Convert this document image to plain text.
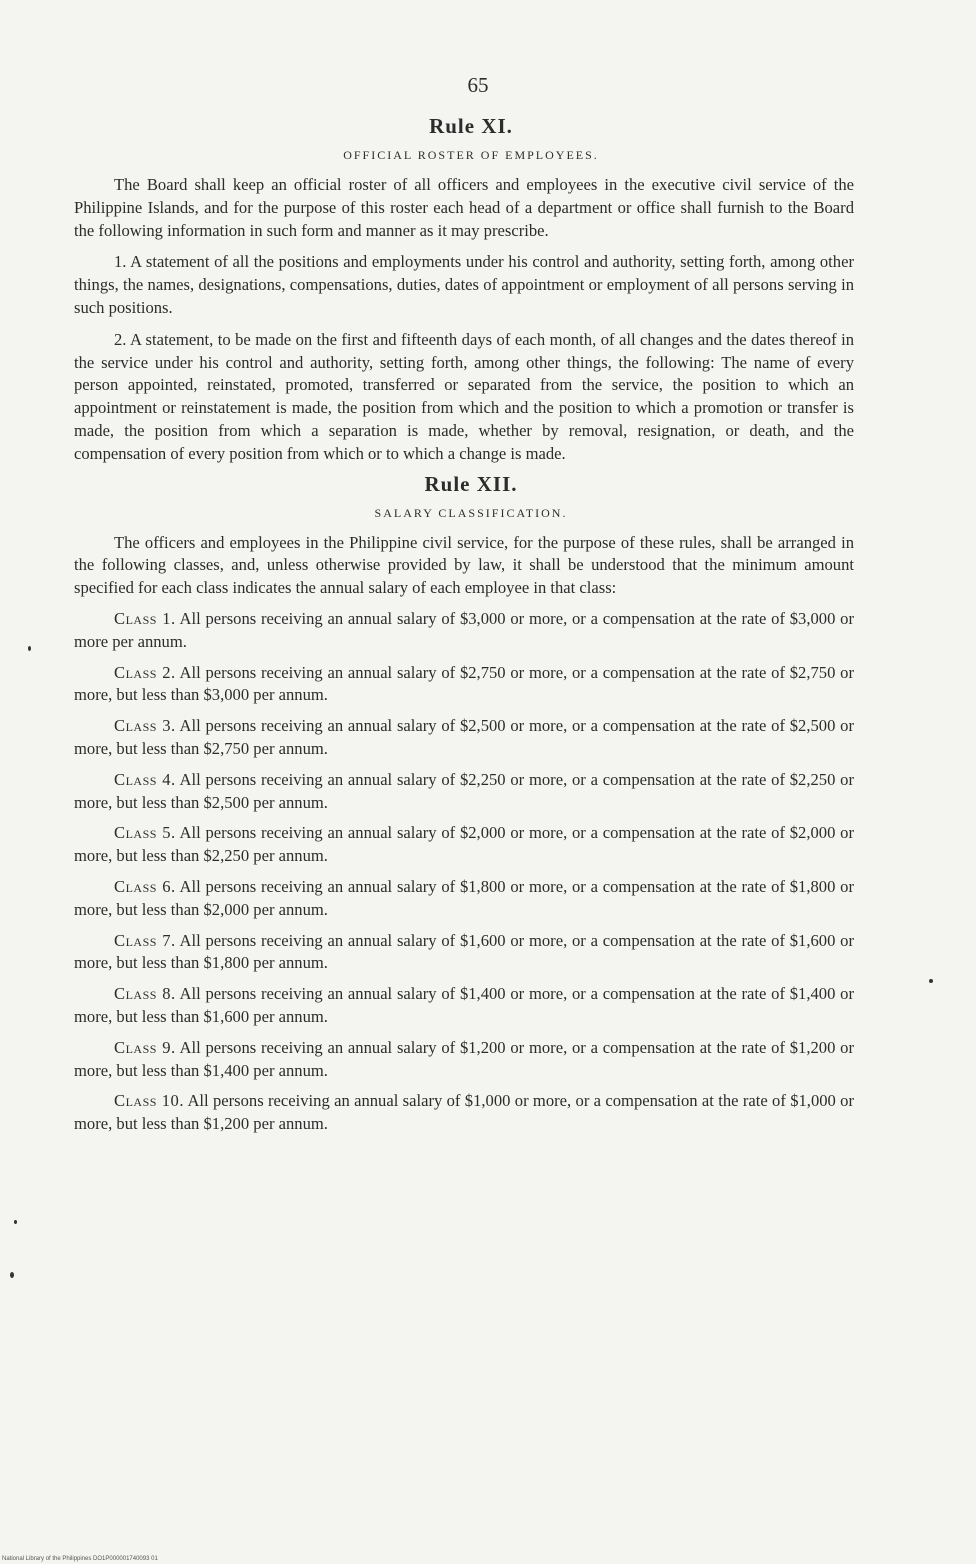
65
Rule XI.
OFFICIAL ROSTER OF EMPLOYEES.

The Board shall keep an official roster of all officers and employees in the executive civil service of the Philippine Islands, and for the purpose of this roster each head of a department or office shall furnish to the Board the following information in such form and manner as it may prescribe.

1. A statement of all the positions and employments under his control and authority, setting forth, among other things, the names, designations, compensations, duties, dates of appointment or employment of all persons serving in such positions.

2. A statement, to be made on the first and fifteenth days of each month, of all changes and the dates thereof in the service under his control and authority, setting forth, among other things, the following: The name of every person appointed, reinstated, promoted, transferred or separated from the service, the position to which an appointment or reinstatement is made, the position from which and the position to which a promotion or transfer is made, the position from which a separation is made, whether by removal, resignation, or death, and the compensation of every position from which or to which a change is made.

Rule XII.
SALARY CLASSIFICATION.

The officers and employees in the Philippine civil service, for the purpose of these rules, shall be arranged in the following classes, and, unless otherwise provided by law, it shall be understood that the minimum amount specified for each class indicates the annual salary of each employee in that class:

Class 1. All persons receiving an annual salary of $3,000 or more, or a compensation at the rate of $3,000 or more per annum.

Class 2. All persons receiving an annual salary of $2,750 or more, or a compensation at the rate of $2,750 or more, but less than $3,000 per annum.

Class 3. All persons receiving an annual salary of $2,500 or more, or a compensation at the rate of $2,500 or more, but less than $2,750 per annum.

Class 4. All persons receiving an annual salary of $2,250 or more, or a compensation at the rate of $2,250 or more, but less than $2,500 per annum.

Class 5. All persons receiving an annual salary of $2,000 or more, or a compensation at the rate of $2,000 or more, but less than $2,250 per annum.

Class 6. All persons receiving an annual salary of $1,800 or more, or a compensation at the rate of $1,800 or more, but less than $2,000 per annum.

Class 7. All persons receiving an annual salary of $1,600 or more, or a compensation at the rate of $1,600 or more, but less than $1,800 per annum.

Class 8. All persons receiving an annual salary of $1,400 or more, or a compensation at the rate of $1,400 or more, but less than $1,600 per annum.

Class 9. All persons receiving an annual salary of $1,200 or more, or a compensation at the rate of $1,200 or more, but less than $1,400 per annum.

Class 10. All persons receiving an annual salary of $1,000 or more, or a compensation at the rate of $1,000 or more, but less than $1,200 per annum.

National Library of the Philippines DO1P000001740093 01
